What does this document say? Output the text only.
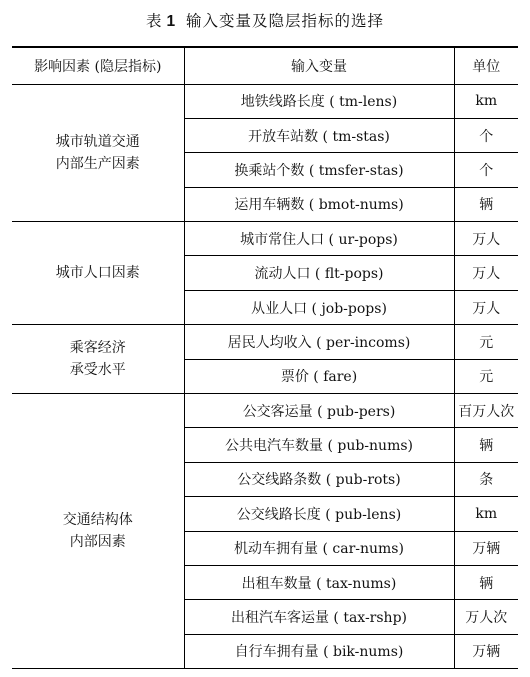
表 1 输入变量及隐层指标的选择
影响因素 (隐层指标)	输入变量	单位

城市轨道交通
内部生产因素	地铁线路长度 ( tm-lens)	km
	开放车站数 ( tm-stas)	个
	换乘站个数 ( tmsfer-stas)	个
	运用车辆数 ( bmot-nums)	辆

城市人口因素	城市常住人口 ( ur-pops)	万人
	流动人口 ( flt-pops)	万人
	从业人口 ( job-pops)	万人

乘客经济
承受水平	居民人均收入 ( per-incoms)	元
	票价 ( fare)	元

交通结构体
内部因素	公交客运量 ( pub-pers)	百万人次
	公共电汽车数量 ( pub-nums)	辆
	公交线路条数 ( pub-rots)	条
	公交线路长度 ( pub-lens)	km
	机动车拥有量 ( car-nums)	万辆
	出租车数量 ( tax-nums)	辆
	出租汽车客运量 ( tax-rshp)	万人次
	自行车拥有量 ( bik-nums)	万辆
